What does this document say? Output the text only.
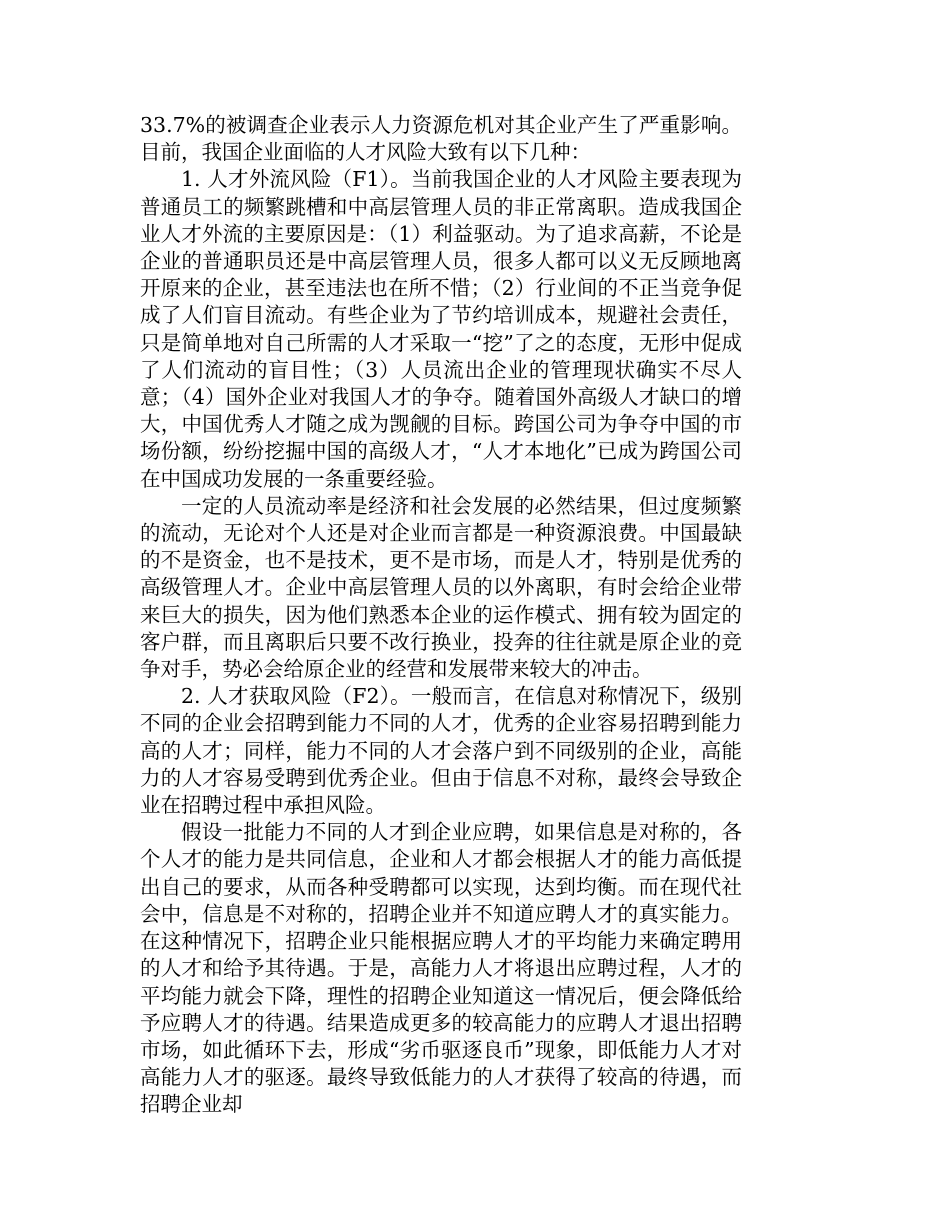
33.7%的被调查企业表示人力资源危机对其企业产生了严重影响。目前，我国企业面临的人才风险大致有以下几种：

1. 人才外流风险（F1）。当前我国企业的人才风险主要表现为普通员工的频繁跳槽和中高层管理人员的非正常离职。造成我国企业人才外流的主要原因是：（1）利益驱动。为了追求高薪，不论是企业的普通职员还是中高层管理人员，很多人都可以义无反顾地离开原来的企业，甚至违法也在所不惜；（2）行业间的不正当竞争促成了人们盲目流动。有些企业为了节约培训成本，规避社会责任，只是简单地对自己所需的人才采取一“挖”了之的态度，无形中促成了人们流动的盲目性；（3）人员流出企业的管理现状确实不尽人意；（4）国外企业对我国人才的争夺。随着国外高级人才缺口的增大，中国优秀人才随之成为觊觎的目标。跨国公司为争夺中国的市场份额，纷纷挖掘中国的高级人才，“人才本地化”已成为跨国公司在中国成功发展的一条重要经验。

一定的人员流动率是经济和社会发展的必然结果，但过度频繁的流动，无论对个人还是对企业而言都是一种资源浪费。中国最缺的不是资金，也不是技术，更不是市场，而是人才，特别是优秀的高级管理人才。企业中高层管理人员的以外离职，有时会给企业带来巨大的损失，因为他们熟悉本企业的运作模式、拥有较为固定的客户群，而且离职后只要不改行换业，投奔的往往就是原企业的竞争对手，势必会给原企业的经营和发展带来较大的冲击。

2. 人才获取风险（F2）。一般而言，在信息对称情况下，级别不同的企业会招聘到能力不同的人才，优秀的企业容易招聘到能力高的人才；同样，能力不同的人才会落户到不同级别的企业，高能力的人才容易受聘到优秀企业。但由于信息不对称，最终会导致企业在招聘过程中承担风险。

假设一批能力不同的人才到企业应聘，如果信息是对称的，各个人才的能力是共同信息，企业和人才都会根据人才的能力高低提出自己的要求，从而各种受聘都可以实现，达到均衡。而在现代社会中，信息是不对称的，招聘企业并不知道应聘人才的真实能力。在这种情况下，招聘企业只能根据应聘人才的平均能力来确定聘用的人才和给予其待遇。于是，高能力人才将退出应聘过程，人才的平均能力就会下降，理性的招聘企业知道这一情况后，便会降低给予应聘人才的待遇。结果造成更多的较高能力的应聘人才退出招聘市场，如此循环下去，形成“劣币驱逐良币”现象，即低能力人才对高能力人才的驱逐。最终导致低能力的人才获得了较高的待遇，而招聘企业却
